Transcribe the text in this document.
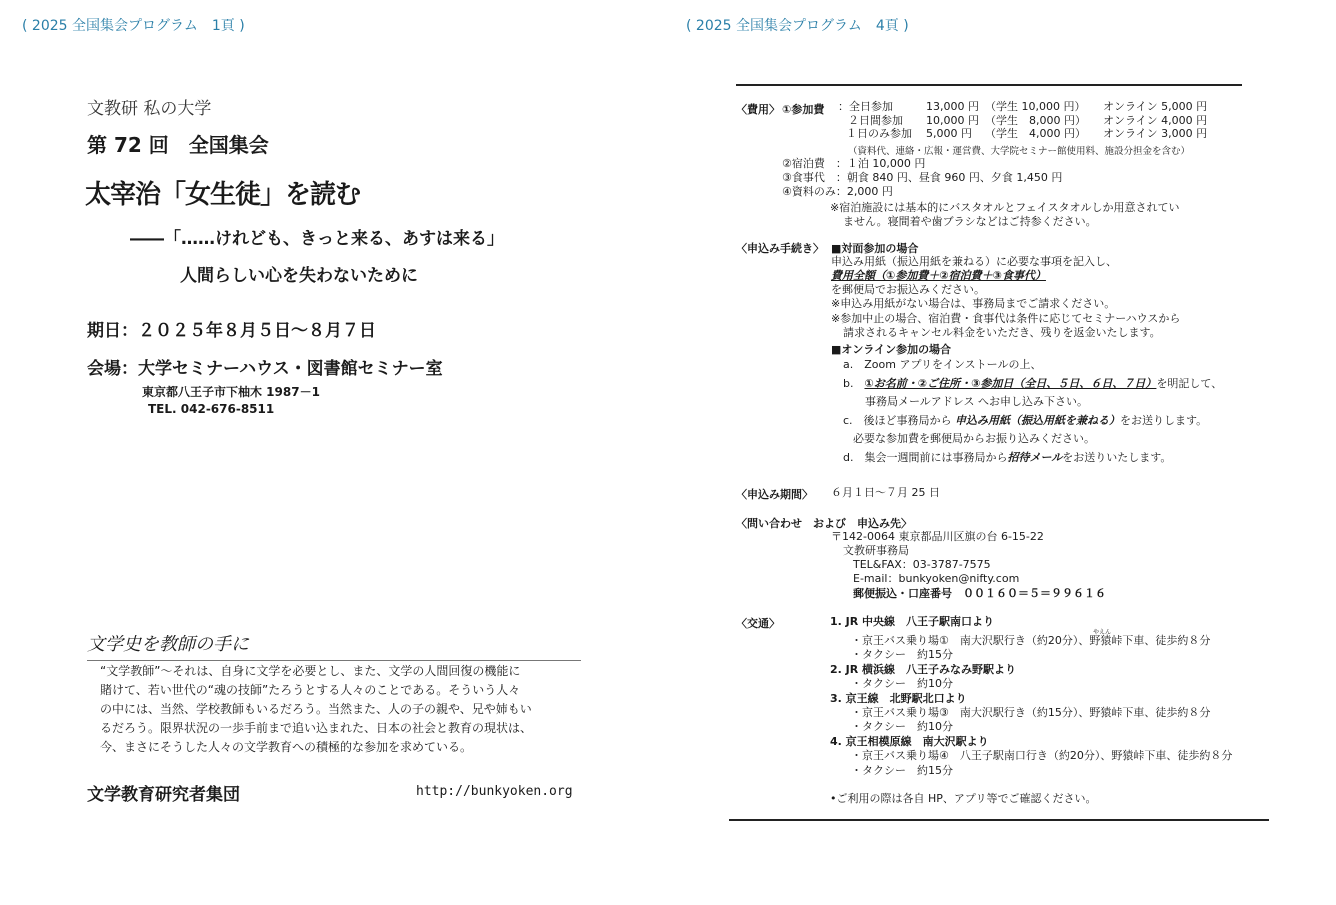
( 2025 全国集会プログラム　1頁 )	( 2025 全国集会プログラム　4頁 )
文教研 私の大学
第 72 回　全国集会
太宰治「女生徒」を読む
――「……けれども、きっと来る、あすは来る」
人間らしい心を失わないために
期日：２０２５年８月５日～８月７日
会場：大学セミナーハウス・図書館セミナー室
東京都八王子市下柚木 1987－1
TEL. 042-676-8511
文学史を教師の手に
“文学教師”～それは、自身に文学を必要とし、また、文学の人間回復の機能に
賭けて、若い世代の“魂の技師”たろうとする人々のことである。そういう人々
の中には、当然、学校教師もいるだろう。当然また、人の子の親や、兄や姉もい
るだろう。限界状況の一歩手前まで追い込まれた、日本の社会と教育の現状は、
今、まさにそうした人々の文学教育への積極的な参加を求めている。
文学教育研究者集団	http://bunkyoken.org
〈費用〉 ①参加費 ：全日参加	13,000 円	（学生 10,000 円）	オンライン 5,000 円
２日間参加	10,000 円	（学生　8,000 円）	オンライン 4,000 円
１日のみ参加	5,000 円	（学生　4,000 円）	オンライン 3,000 円
（資料代、連絡・広報・運営費、大学院セミナー館使用料、施設分担金を含む）
②宿泊費　：１泊 10,000 円
③食事代　：朝食 840 円、昼食 960 円、夕食 1,450 円
④資料のみ：2,000 円
※宿泊施設には基本的にバスタオルとフェイスタオルしか用意されてい
ません。寝間着や歯ブラシなどはご持参ください。
〈申込み手続き〉 ■対面参加の場合
申込み用紙（振込用紙を兼ねる）に必要な事項を記入し、
費用全額（①参加費＋②宿泊費＋③食事代）
を郵便局でお振込みください。
※申込み用紙がない場合は、事務局までご請求ください。
※参加中止の場合、宿泊費・食事代は条件に応じてセミナーハウスから
請求されるキャンセル料金をいただき、残りを返金いたします。
■オンライン参加の場合
a.　Zoom アプリをインストールの上、
b.　①お名前・②ご住所・③参加日（全日、５日、６日、７日）を明記して、
事務局メールアドレス へお申し込み下さい。
c.　後ほど事務局から 申込み用紙（振込用紙を兼ねる）をお送りします。
必要な参加費を郵便局からお振り込みください。
d.　集会一週間前には事務局から招待メールをお送りいたします。
〈申込み期間〉 ６月１日～７月 25 日
〈問い合わせ　および　申込み先〉
〒142-0064 東京都品川区旗の台 6-15-22
文教研事務局
TEL&FAX：03-3787-7575
E-mail：bunkyoken@nifty.com
郵便振込・口座番号　００１６０＝５＝９９６１６
〈交通〉	1. JR 中央線　八王子駅南口より
やえん
・京王バス乗り場①　南大沢駅行き（約20分）、野猿峠下車、徒歩約８分
・タクシー　約15分
2. JR 横浜線　八王子みなみ野駅より
・タクシー　約10分
3. 京王線　北野駅北口より
・京王バス乗り場③　南大沢駅行き（約15分）、野猿峠下車、徒歩約８分
・タクシー　約10分
4. 京王相模原線　南大沢駅より
・京王バス乗り場④　八王子駅南口行き（約20分）、野猿峠下車、徒歩約８分
・タクシー　約15分
•ご利用の際は各自 HP、アプリ等でご確認ください。
